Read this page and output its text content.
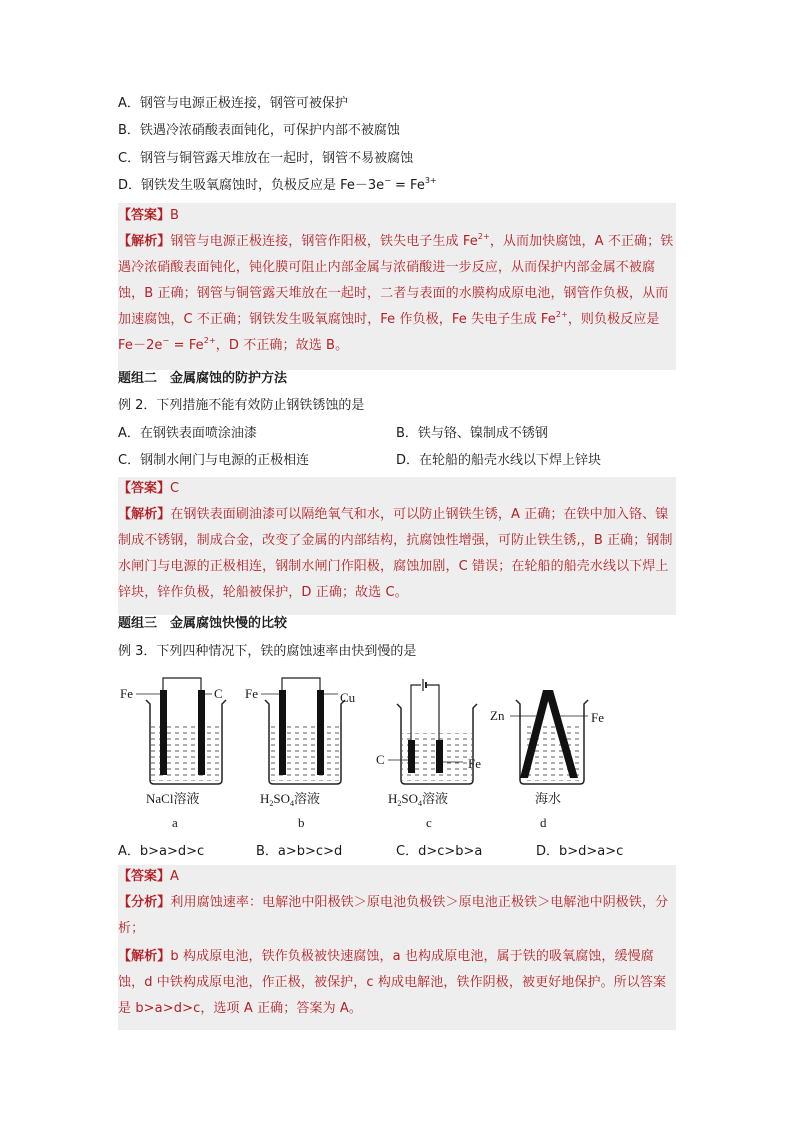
A．钢管与电源正极连接，钢管可被保护
B．铁遇冷浓硝酸表面钝化，可保护内部不被腐蚀
C．钢管与铜管露天堆放在一起时，钢管不易被腐蚀
D．钢铁发生吸氧腐蚀时，负极反应是 $Fe-3e^- = Fe^{3+}$
【答案】B
【解析】钢管与电源正极连接，钢管作阳极，铁失电子生成 $Fe^{2+}$，从而加快腐蚀，A 不正确；铁遇冷浓硝酸表面钝化，钝化膜可阻止内部金属与浓硝酸进一步反应，从而保护内部金属不被腐蚀，B 正确；钢管与铜管露天堆放在一起时，二者与表面的水膜构成原电池，钢管作负极，从而加速腐蚀，C 不正确；钢铁发生吸氧腐蚀时，Fe 作负极，Fe 失电子生成 $Fe^{2+}$，则负极反应是 $Fe-2e^- = Fe^{2+}$，D 不正确；故选 B。
题组二　金属腐蚀的防护方法
例 2．下列措施不能有效防止钢铁锈蚀的是
A．在钢铁表面喷涂油漆	B．铁与铬、镍制成不锈钢
C．钢制水闸门与电源的正极相连	D．在轮船的船壳水线以下焊上锌块
【答案】C
【解析】在钢铁表面刷油漆可以隔绝氧气和水，可以防止钢铁生锈，A 正确；在铁中加入铬、镍制成不锈钢，制成合金，改变了金属的内部结构，抗腐蚀性增强，可防止铁生锈,，B 正确；钢制水闸门与电源的正极相连，钢制水闸门作阳极，腐蚀加剧，C 错误；在轮船的船壳水线以下焊上锌块，锌作负极，轮船被保护，D 正确；故选 C。
题组三　金属腐蚀快慢的比较
例 3．下列四种情况下，铁的腐蚀速率由快到慢的是
Fe	C
NaCl溶液
a
Fe	Cu
$H_2SO_4$溶液
b
C	Fe
$H_2SO_4$溶液
c
Zn	Fe
海水
d
A．b>a>d>c	B．a>b>c>d	C．d>c>b>a	D．b>d>a>c
【答案】A
【分析】利用腐蚀速率：电解池中阳极铁＞原电池负极铁＞原电池正极铁＞电解池中阴极铁，分析；
【解析】b 构成原电池，铁作负极被快速腐蚀，a 也构成原电池，属于铁的吸氧腐蚀，缓慢腐蚀，d 中铁构成原电池，作正极，被保护，c 构成电解池，铁作阴极，被更好地保护。所以答案是 b>a>d>c，选项 A 正确；答案为 A。
